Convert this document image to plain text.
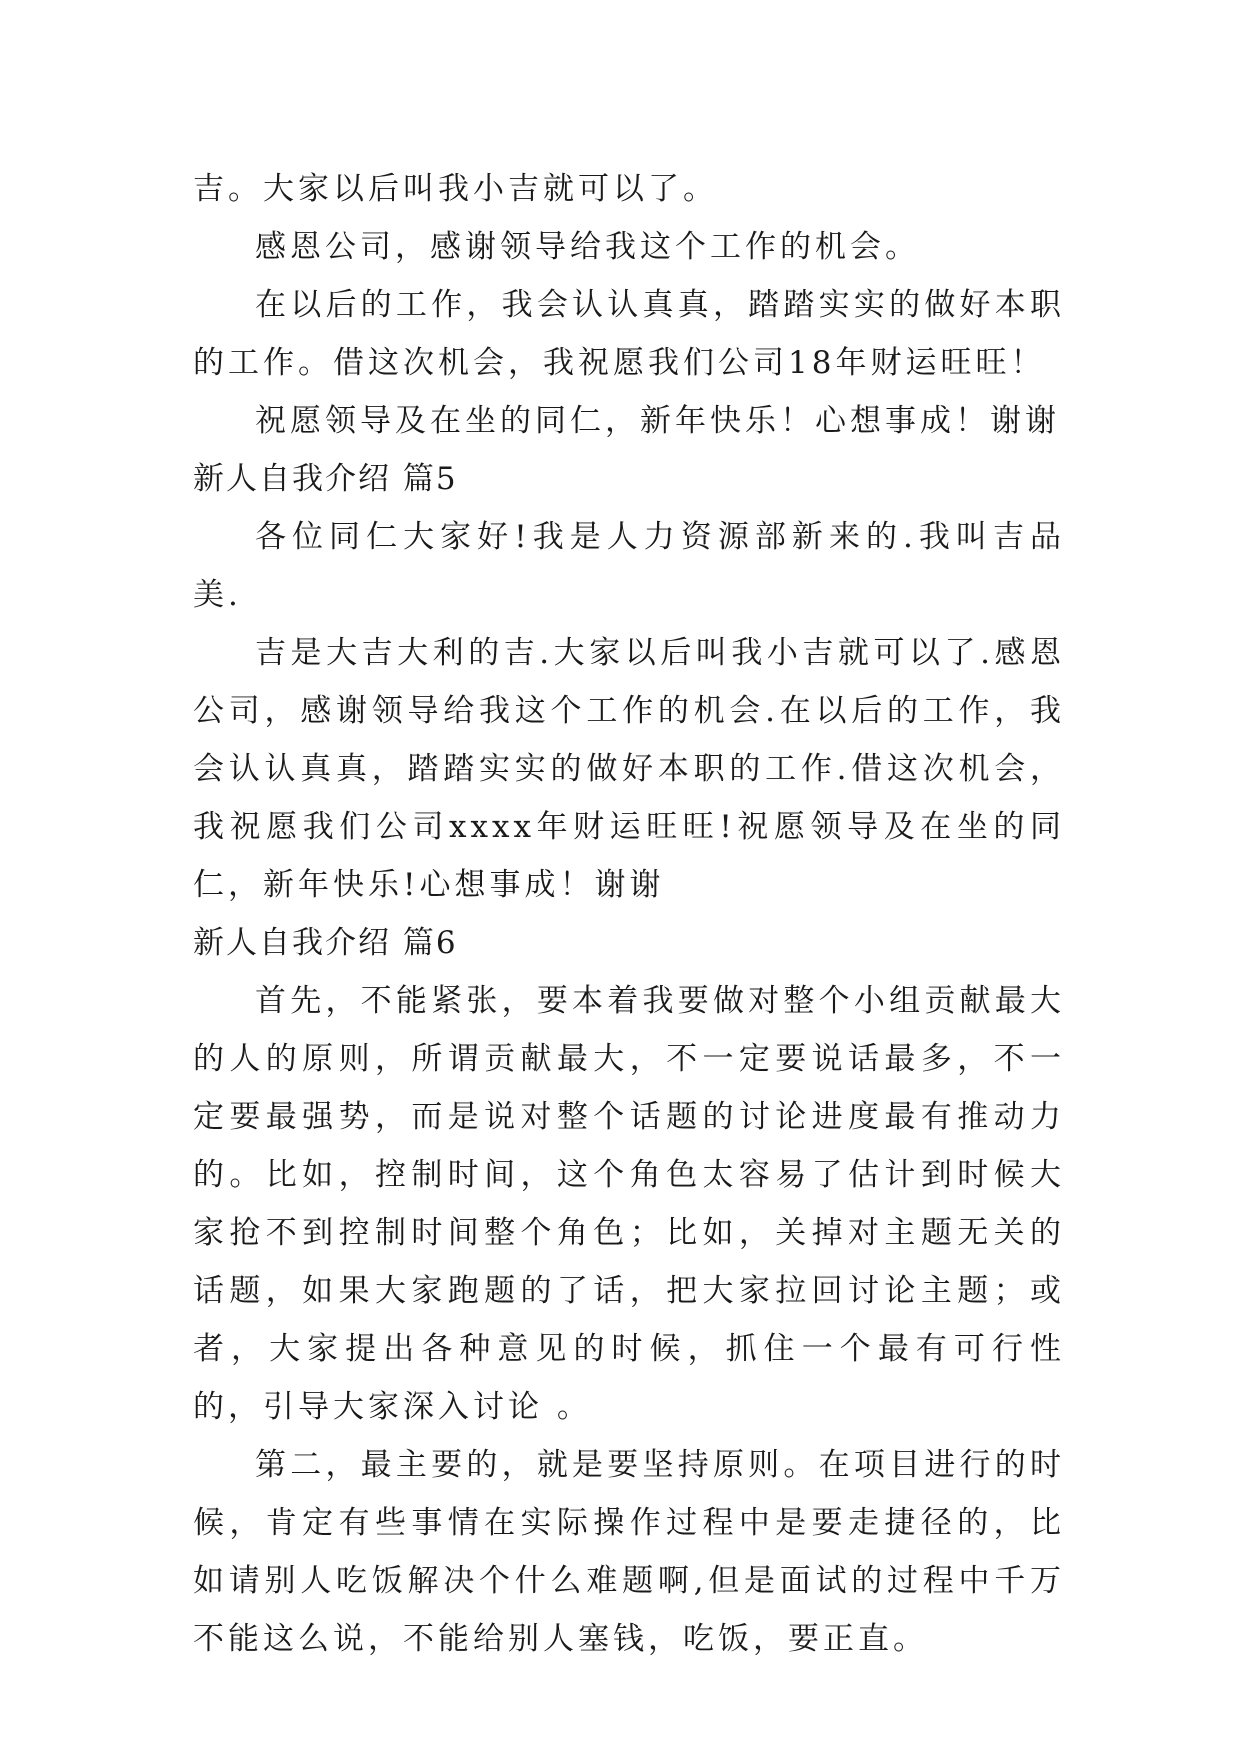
吉。大家以后叫我小吉就可以了。

感恩公司，感谢领导给我这个工作的机会。

在以后的工作，我会认认真真，踏踏实实的做好本职的工作。借这次机会，我祝愿我们公司18年财运旺旺！

祝愿领导及在坐的同仁，新年快乐！心想事成！谢谢

新人自我介绍 篇5

各位同仁大家好!我是人力资源部新来的.我叫吉品美.

吉是大吉大利的吉.大家以后叫我小吉就可以了.感恩公司，感谢领导给我这个工作的机会.在以后的工作，我会认认真真，踏踏实实的做好本职的工作.借这次机会，我祝愿我们公司xxxx年财运旺旺!祝愿领导及在坐的同仁，新年快乐!心想事成！谢谢

新人自我介绍 篇6

首先，不能紧张，要本着我要做对整个小组贡献最大的人的原则，所谓贡献最大，不一定要说话最多，不一定要最强势，而是说对整个话题的讨论进度最有推动力的。比如，控制时间，这个角色太容易了估计到时候大家抢不到控制时间整个角色；比如，关掉对主题无关的话题，如果大家跑题的了话，把大家拉回讨论主题；或者，大家提出各种意见的时候，抓住一个最有可行性的，引导大家深入讨论 。

第二，最主要的，就是要坚持原则。在项目进行的时候，肯定有些事情在实际操作过程中是要走捷径的，比如请别人吃饭解决个什么难题啊,但是面试的过程中千万不能这么说，不能给别人塞钱，吃饭，要正直。
